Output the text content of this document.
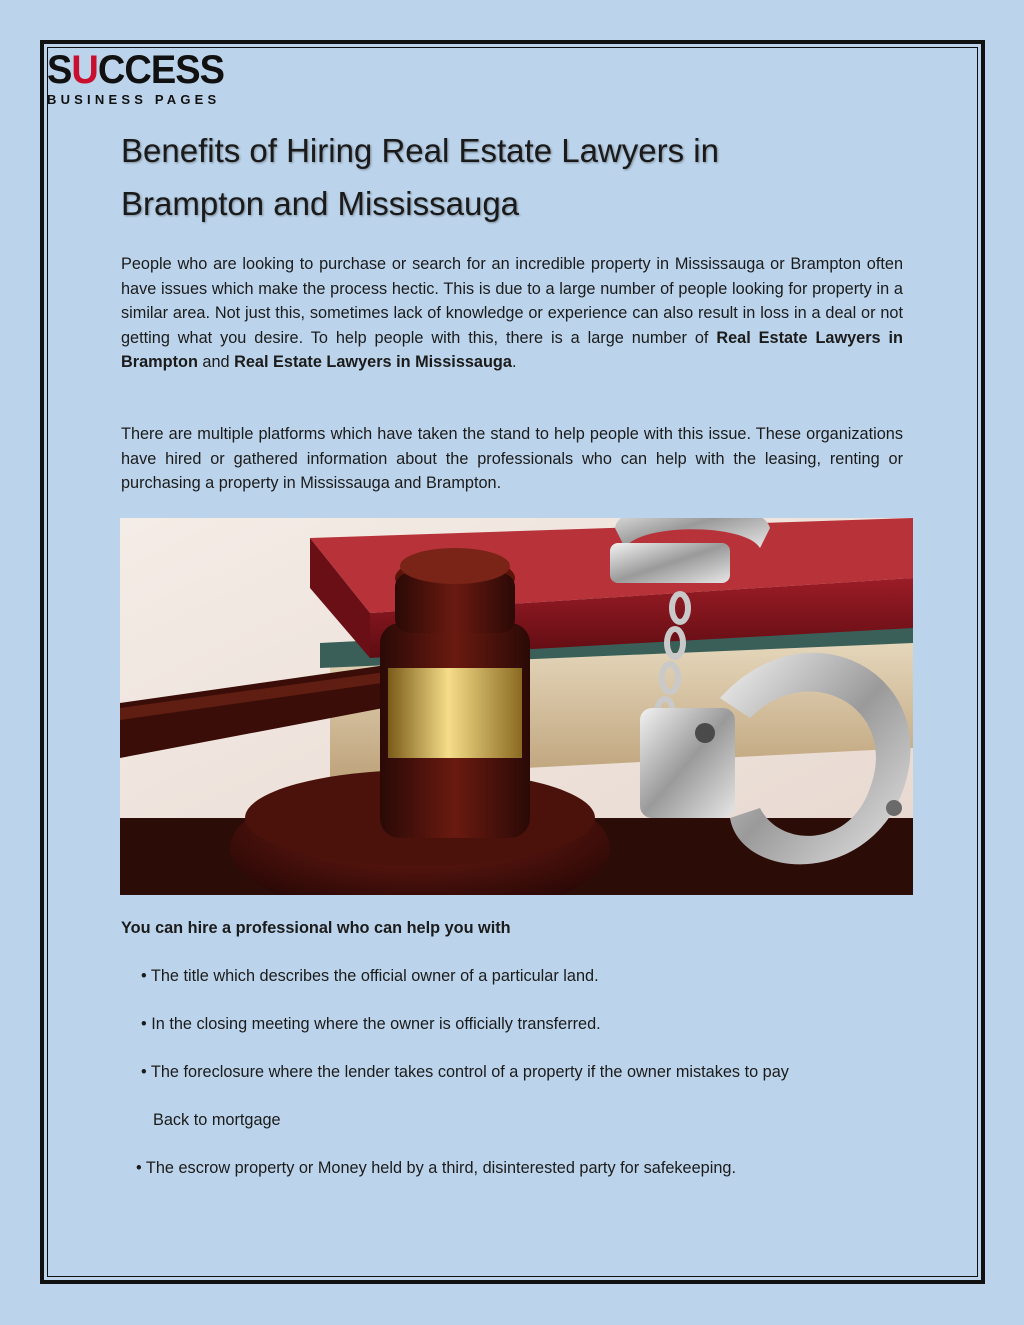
SUCCESS
BUSINESS PAGES
Benefits of Hiring Real Estate Lawyers in
Brampton and Mississauga

People who are looking to purchase or search for an incredible property in Mississauga or Brampton often have issues which make the process hectic. This is due to a large number of people looking for property in a similar area. Not just this, sometimes lack of knowledge or experience can also result in loss in a deal or not getting what you desire. To help people with this, there is a large number of Real Estate Lawyers in Brampton and Real Estate Lawyers in Mississauga.

There are multiple platforms which have taken the stand to help people with this issue. These organizations have hired or gathered information about the professionals who can help with the leasing, renting or purchasing a property in Mississauga and Brampton.

You can hire a professional who can help you with

• The title which describes the official owner of a particular land.

• In the closing meeting where the owner is officially transferred.

• The foreclosure where the lender takes control of a property if the owner mistakes to pay

Back to mortgage

• The escrow property or Money held by a third, disinterested party for safekeeping.
